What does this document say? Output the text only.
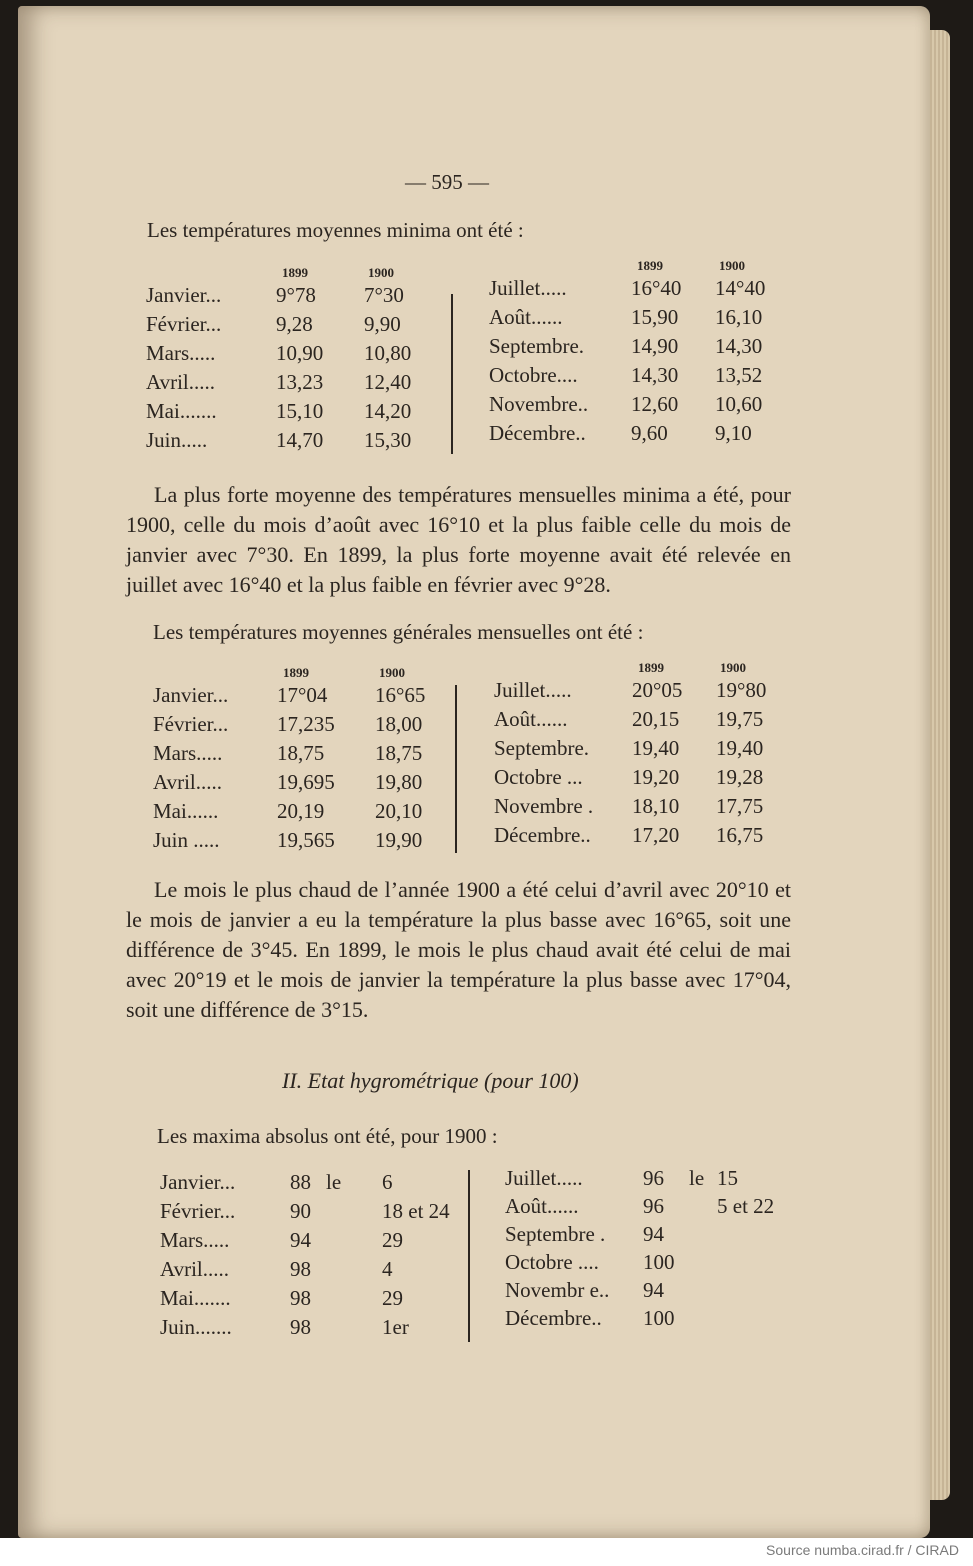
— 595 —
Les températures moyennes minima ont été :
1899	1900
Janvier...	9°78 7°30
Février...	9,28 9,90
Mars.....	10,90 10,80
Avril.....	13,23 12,40
Mai.......	15,10 14,20
Juin.....	14,70 15,30
1899	1900
Juillet.....	16°40 14°40
Août......	15,90 16,10
Septembre. 14,90 14,30
Octobre....	14,30 13,52
Novembre.. 12,60 10,60
Décembre.. 9,60 9,10

La plus forte moyenne des températures mensuelles minima a été, pour 1900, celle du mois d’août avec 16°10 et la plus faible celle du mois de janvier avec 7°30. En 1899, la plus forte moyenne avait été relevée en juillet avec 16°40 et la plus faible en février avec 9°28.

Les températures moyennes générales mensuelles ont été :
1899	1900
Janvier... 17°04 16°65
Février... 17,235 18,00
Mars.....	18,75 18,75
Avril.....	19,695 19,80
Mai......	20,19 20,10
Juin .....	19,565 19,90
1899	1900
Juillet.....	20°05 19°80
Août......	20,15 19,75
Septembre. 19,40 19,40
Octobre ... 19,20 19,28
Novembre . 18,10 17,75
Décembre.. 17,20 16,75

Le mois le plus chaud de l’année 1900 a été celui d’avril avec 20°10 et le mois de janvier a eu la température la plus basse avec 16°65, soit une différence de 3°45. En 1899, le mois le plus chaud avait été celui de mai avec 20°19 et le mois de janvier la température la plus basse avec 17°04, soit une différence de 3°15.

II. Etat hygrométrique (pour 100)
Les maxima absolus ont été, pour 1900 :
Janvier...	88 le 6
Février...	90	18 et 24
Mars.....	94	29
Avril.....	98	4
Mai.......	98	29
Juin.......	98	1er
Juillet.....	96 le 15
Août......	96	5 et 22
Septembre . 94
Octobre .... 100
Novembr e.. 94
Décembre.. 100
Source numba.cirad.fr / CIRAD
